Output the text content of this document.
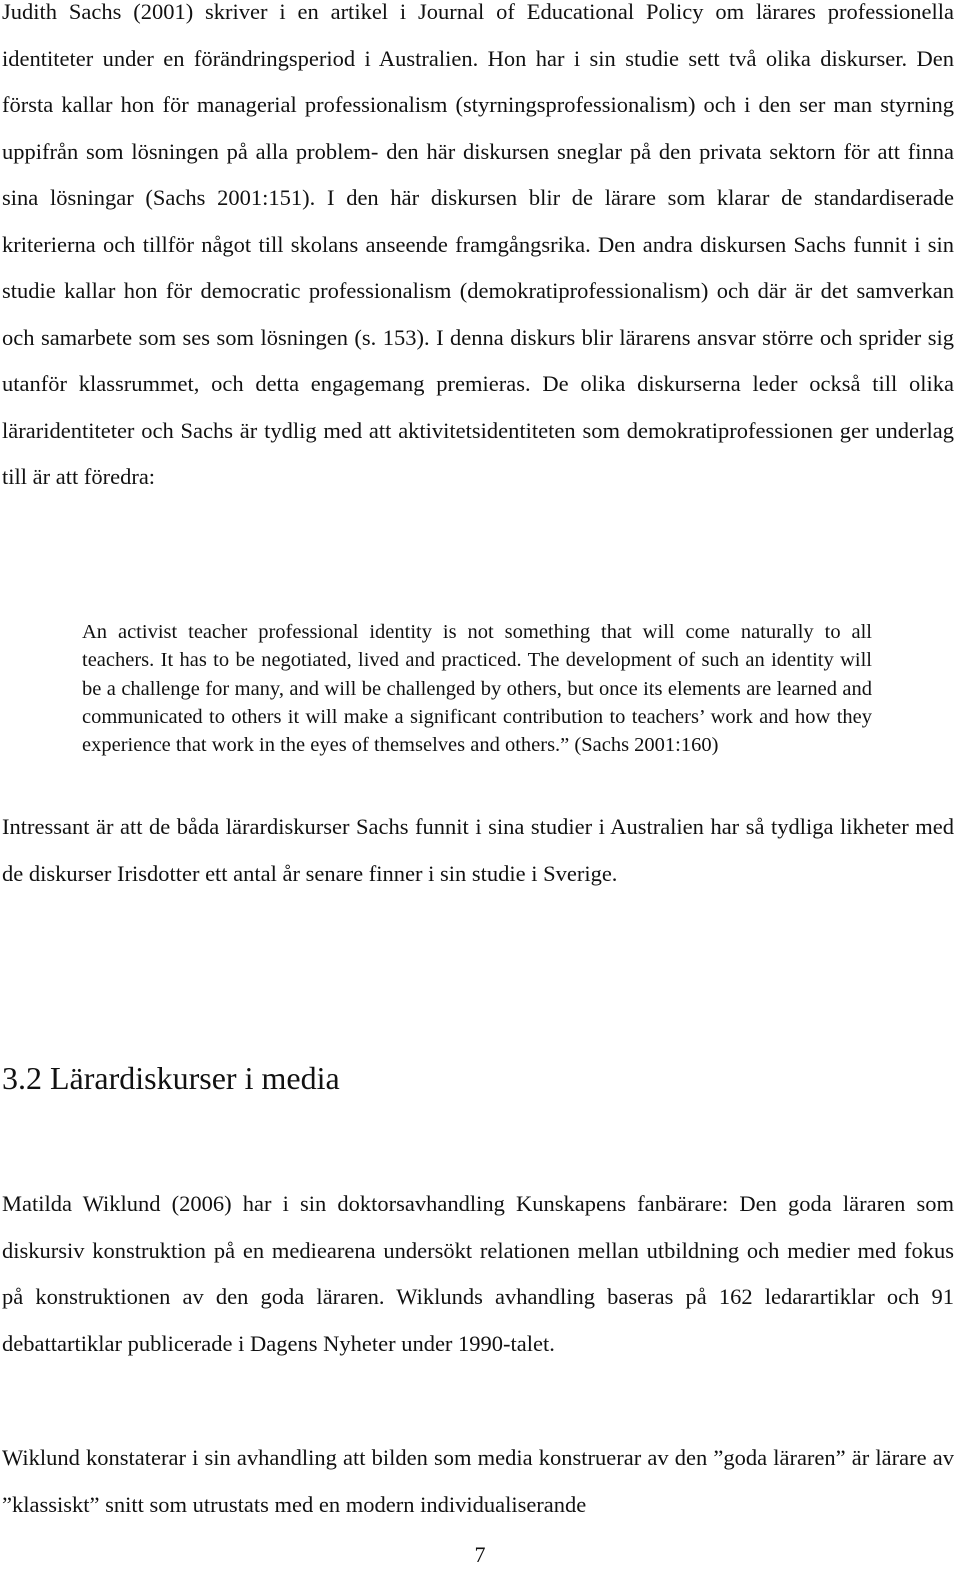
Judith Sachs (2001) skriver i en artikel i Journal of Educational Policy om lärares professionella identiteter under en förändringsperiod i Australien. Hon har i sin studie sett två olika diskurser. Den första kallar hon för managerial professionalism (styrningsprofessionalism) och i den ser man styrning uppifrån som lösningen på alla problem- den här diskursen sneglar på den privata sektorn för att finna sina lösningar (Sachs 2001:151). I den här diskursen blir de lärare som klarar de standardiserade kriterierna och tillför något till skolans anseende framgångsrika. Den andra diskursen Sachs funnit i sin studie kallar hon för democratic professionalism (demokratiprofessionalism) och där är det samverkan och samarbete som ses som lösningen (s. 153). I denna diskurs blir lärarens ansvar större och sprider sig utanför klassrummet, och detta engagemang premieras. De olika diskurserna leder också till olika läraridentiteter och Sachs är tydlig med att aktivitetsidentiteten som demokratiprofessionen ger underlag till är att föredra:

An activist teacher professional identity is not something that will come naturally to all teachers. It has to be negotiated, lived and practiced. The development of such an identity will be a challenge for many, and will be challenged by others, but once its elements are learned and communicated to others it will make a significant contribution to teachers’ work and how they experience that work in the eyes of themselves and others.” (Sachs 2001:160)

Intressant är att de båda lärardiskurser Sachs funnit i sina studier i Australien har så tydliga likheter med de diskurser Irisdotter ett antal år senare finner i sin studie i Sverige.

3.2 Lärardiskurser i media

Matilda Wiklund (2006) har i sin doktorsavhandling Kunskapens fanbärare: Den goda läraren som diskursiv konstruktion på en mediearena undersökt relationen mellan utbildning och medier med fokus på konstruktionen av den goda läraren. Wiklunds avhandling baseras på 162 ledarartiklar och 91 debattartiklar publicerade i Dagens Nyheter under 1990-talet.

Wiklund konstaterar i sin avhandling att bilden som media konstruerar av den ”goda läraren” är lärare av ”klassiskt” snitt som utrustats med en modern individualiserande

7
